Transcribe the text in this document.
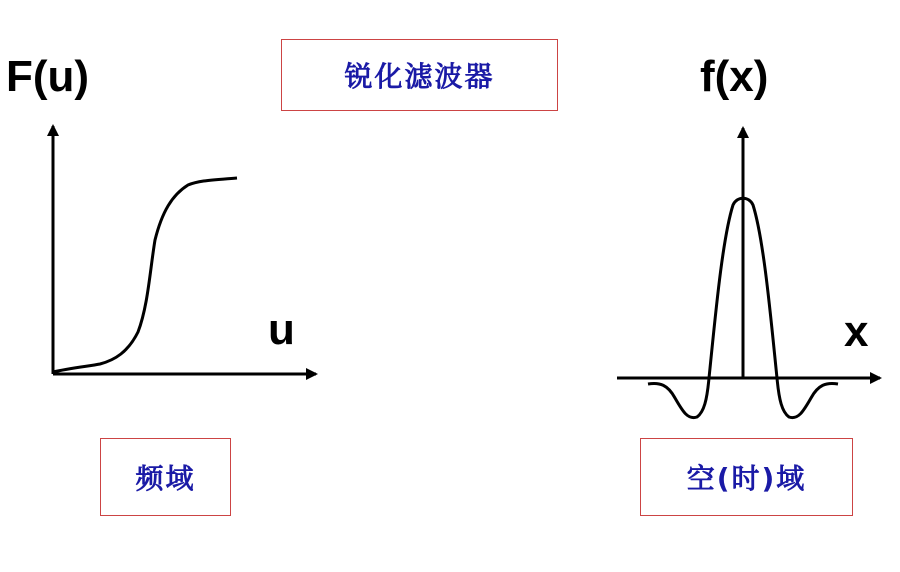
锐化滤波器
F(u)
u
f(x)
x
频域	空(时)域
